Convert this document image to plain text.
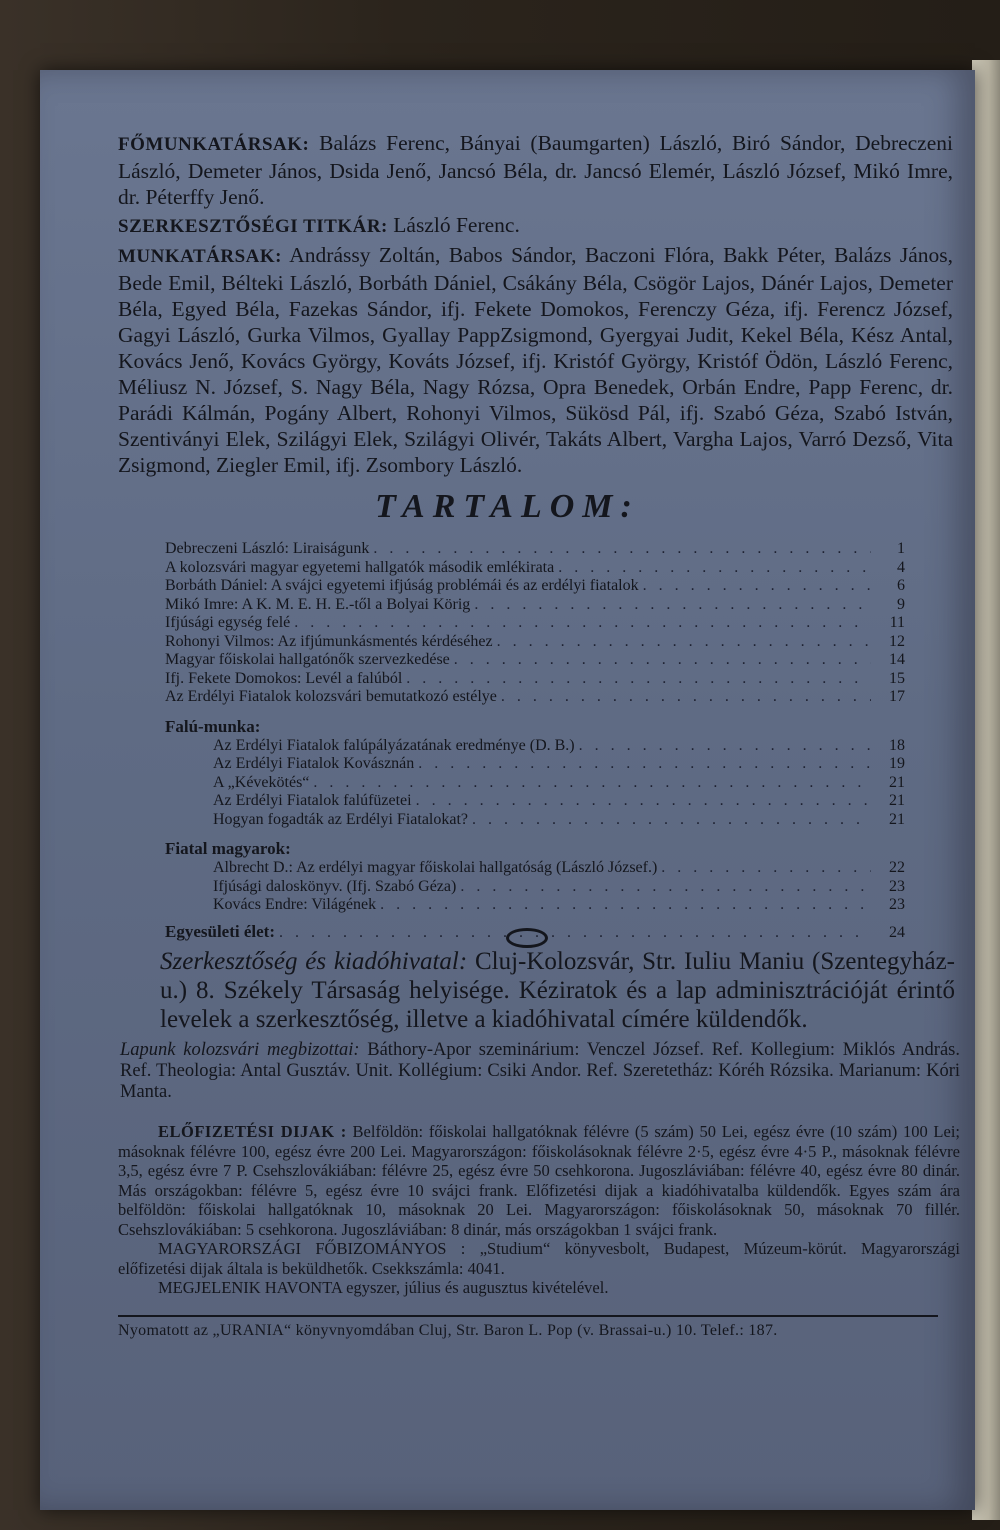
FŐMUNKATÁRSAK: Balázs Ferenc, Bányai (Baumgarten) László, Biró Sándor, Debreczeni László, Demeter János, Dsida Jenő, Jancsó Béla, dr. Jancsó Elemér, László József, Mikó Imre, dr. Péterffy Jenő.

SZERKESZTŐSÉGI TITKÁR: László Ferenc.

MUNKATÁRSAK: Andrássy Zoltán, Babos Sándor, Baczoni Flóra, Bakk Péter, Balázs János, Bede Emil, Bélteki László, Borbáth Dániel, Csákány Béla, Csögör Lajos, Dánér Lajos, Demeter Béla, Egyed Béla, Fazekas Sándor, ifj. Fekete Domokos, Ferenczy Géza, ifj. Ferencz József, Gagyi László, Gurka Vilmos, Gyallay PappZsigmond, Gyergyai Judit, Kekel Béla, Kész Antal, Kovács Jenő, Kovács György, Kováts József, ifj. Kristóf György, Kristóf Ödön, László Ferenc, Méliusz N. József, S. Nagy Béla, Nagy Rózsa, Opra Benedek, Orbán Endre, Papp Ferenc, dr. Parádi Kálmán, Pogány Albert, Rohonyi Vilmos, Sükösd Pál, ifj. Szabó Géza, Szabó István, Szentiványi Elek, Szilágyi Elek, Szilágyi Olivér, Takáts Albert, Vargha Lajos, Varró Dezső, Vita Zsigmond, Ziegler Emil, ifj. Zsombory László.

TARTALOM:
Debreczeni László: Liraiságunk . . .	1
A kolozsvári magyar egyetemi hallgatók második emlékirata . . .	4
Borbáth Dániel: A svájci egyetemi ifjúság problémái és az erdélyi fiatalok . . .	6
Mikó Imre: A K. M. E. H. E.-től a Bolyai Körig . . .	9
Ifjúsági egység felé . . .	11
Rohonyi Vilmos: Az ifjúmunkásmentés kérdéséhez . . .	12
Magyar főiskolai hallgatónők szervezkedése . . .	14
Ifj. Fekete Domokos: Levél a falúból . . .	15
Az Erdélyi Fiatalok kolozsvári bemutatkozó estélye . . .	17
Falú-munka:
Az Erdélyi Fiatalok falúpályázatának eredménye (D. B.) . . .	18
Az Erdélyi Fiatalok Kovásznán . . .	19
A „Kévekötés“ . . .	21
Az Erdélyi Fiatalok falúfüzetei . . .	21
Hogyan fogadták az Erdélyi Fiatalokat? . . .	21
Fiatal magyarok:
Albrecht D.: Az erdélyi magyar főiskolai hallgatóság (László József.) . . .	22
Ifjúsági daloskönyv. (Ifj. Szabó Géza) . . .	23
Kovács Endre: Világének . . .	23
Egyesületi élet: . . .	24
Szerkesztőség és kiadóhivatal: Cluj-Kolozsvár, Str. Iuliu Maniu (Szentegyház-u.) 8. Székely Társaság helyisége. Kéziratok és a lap adminisztrációját érintő levelek a szerkesztőség, illetve a kiadóhivatal címére küldendők.
Lapunk kolozsvári megbizottai: Báthory-Apor szeminárium: Venczel József. Ref. Kollegium: Miklós András. Ref. Theologia: Antal Gusztáv. Unit. Kollégium: Csiki Andor. Ref. Szeretetház: Kóréh Rózsika. Marianum: Kóri Manta.
ELŐFIZETÉSI DIJAK : Belföldön: főiskolai hallgatóknak félévre (5 szám) 50 Lei, egész évre (10 szám) 100 Lei; másoknak félévre 100, egész évre 200 Lei. Magyarországon: főiskolásoknak félévre 2·5, egész évre 4·5 P., másoknak félévre 3,5, egész évre 7 P. Csehszlovákiában: félévre 25, egész évre 50 csehkorona. Jugoszláviában: félévre 40, egész évre 80 dinár. Más országokban: félévre 5, egész évre 10 svájci frank. Előfizetési dijak a kiadóhivatalba küldendők. Egyes szám ára belföldön: főiskolai hallgatóknak 10, másoknak 20 Lei. Magyarországon: főiskolásoknak 50, másoknak 70 fillér. Csehszlovákiában: 5 csehkorona. Jugoszláviában: 8 dinár, más országokban 1 svájci frank.
MAGYARORSZÁGI FŐBIZOMÁNYOS : „Studium“ könyvesbolt, Budapest, Múzeum-körút. Magyarországi előfizetési dijak általa is beküldhetők. Csekkszámla: 4041.
MEGJELENIK HAVONTA egyszer, július és augusztus kivételével.
Nyomatott az „URANIA“ könyvnyomdában Cluj, Str. Baron L. Pop (v. Brassai-u.) 10. Telef.: 187.
